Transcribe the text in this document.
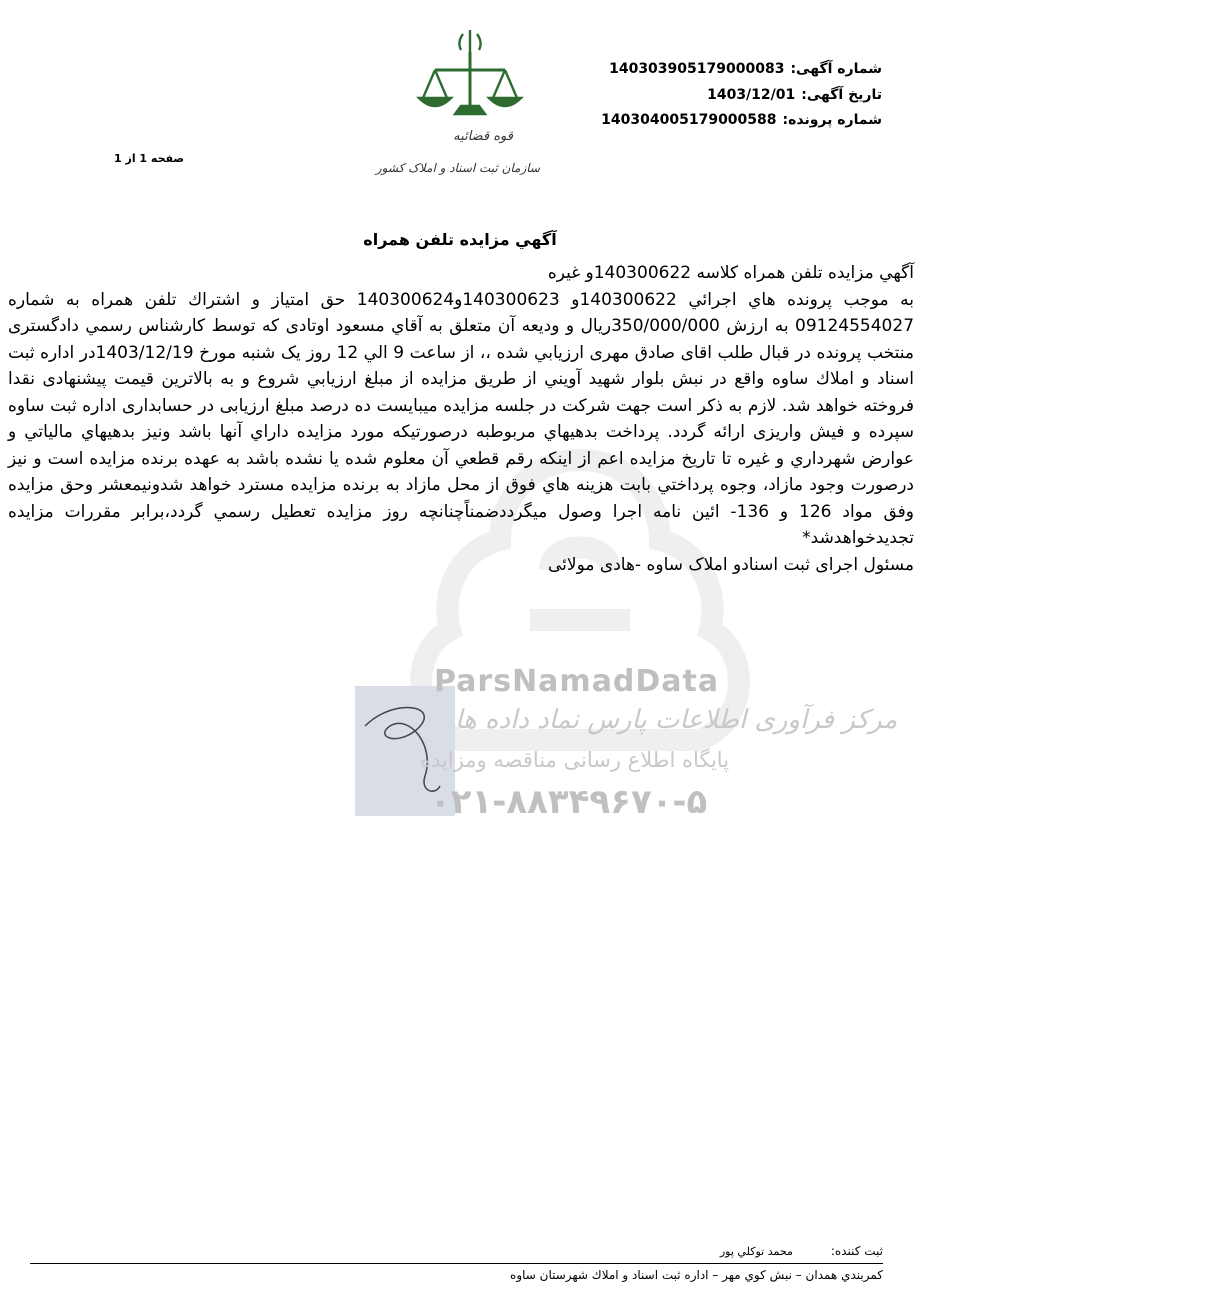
شماره آگهی:140303905179000083
تاریخ آگهی:1403/12/01
شماره پرونده:140304005179000588
صفحه 1 از 1
قوه قضائیه
سازمان ثبت اسناد و املاک کشور
ParsNamadData
مرکز فرآوری اطلاعات پارس نماد داده ها
پایگاه اطلاع رسانی مناقصه ومزایده
۰۲۱-۸۸۳۴۹۶۷۰-۵
آگهي مزايده تلفن همراه

آگهي مزايده تلفن همراه كلاسه 140300622و غيره

به موجب پرونده هاي اجرائي 140300622و 140300623و140300624 حق امتياز و اشتراك تلفن همراه به شماره 09124554027 به ارزش 350/000/000ريال و وديعه آن متعلق به آقاي مسعود اوتادی كه توسط كارشناس رسمي دادگستری منتخب پرونده در قبال طلب اقای صادق مهری ارزيابي شده ،، از ساعت 9 الي 12 روز یک شنبه مورخ 1403/12/19در اداره ثبت اسناد و املاك ساوه واقع در نبش بلوار شهيد آويني از طريق مزايده از مبلغ ارزيابي شروع و به بالاترين قيمت پيشنهادی نقدا فروخته خواهد شد. لازم به ذكر است جهت شركت در جلسه مزايده ميبايست ده درصد مبلغ ارزيابی در حسابداری اداره ثبت ساوه سپرده و فيش واريزی ارائه گردد. پرداخت بدهيهاي مربوطبه درصورتيكه مورد مزايده داراي آنها باشد ونيز بدهيهاي مالياتي و عوارض شهرداري و غيره تا تاريخ مزايده اعم از اينكه رقم قطعي آن معلوم شده يا نشده باشد به عهده برنده مزايده است و نيز درصورت وجود مازاد، وجوه پرداختي بابت هزينه هاي فوق از محل مازاد به برنده مزايده مسترد خواهد شدونيمعشر وحق مزايده وفق مواد 126 و 136- ائين نامه اجرا وصول ميگرددضمناًچنانچه روز مزايده تعطيل رسمي گردد،برابر مقررات مزايده تجديدخواهدشد*

مسئول اجرای ثبت اسنادو املاک ساوه -هادی مولائی

ثبت كننده:محمد توكلي پور
كمربندي همدان – نبش كوي مهر – اداره ثبت اسناد و املاك شهرستان ساوه
